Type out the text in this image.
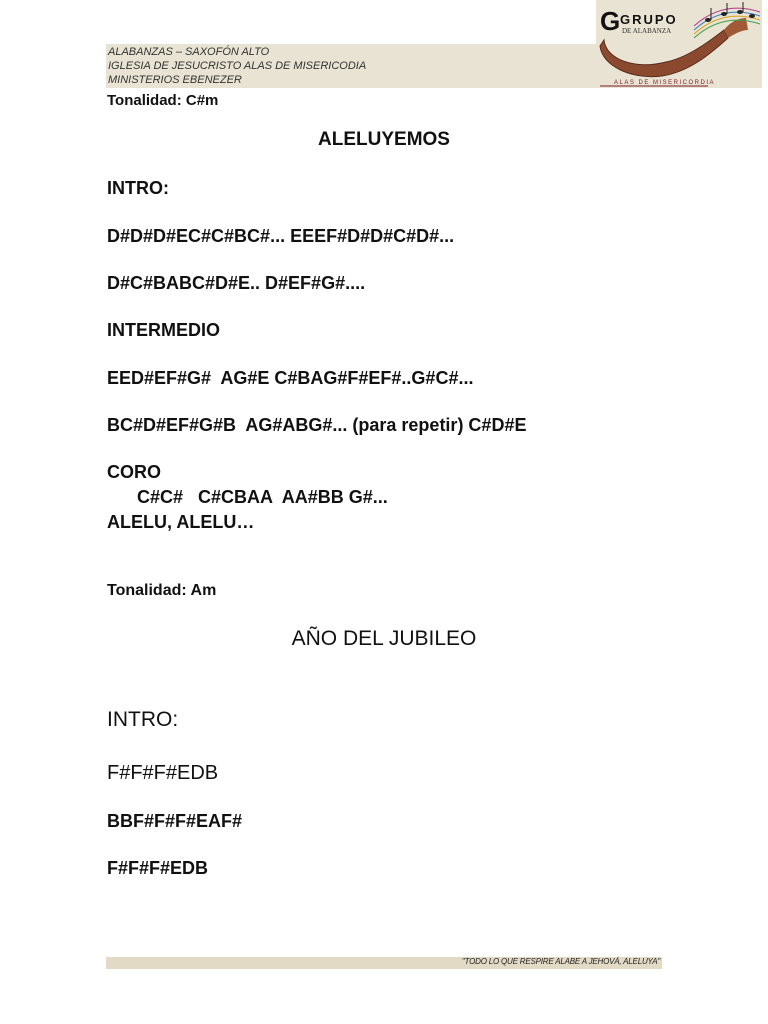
ALABANZAS – SAXOFÓN ALTO
IGLESIA DE JESUCRISTO ALAS DE MISERICODIA
MINISTERIOS EBENEZER
G GRUPO
DE ALABANZA
ALAS DE MISERICORDIA
Tonalidad: C#m
ALELUYEMOS
INTRO:
D#D#D#EC#C#BC#... EEEF#D#D#C#D#...
D#C#BABC#D#E.. D#EF#G#....
INTERMEDIO
EED#EF#G#  AG#E C#BAG#F#EF#..G#C#...
BC#D#EF#G#B  AG#ABG#... (para repetir) C#D#E
CORO
C#C#   C#CBAA  AA#BB G#...
ALELU, ALELU…
Tonalidad: Am
AÑO DEL JUBILEO
INTRO:
F#F#F#EDB
BBF#F#F#EAF#
F#F#F#EDB
"TODO LO QUE RESPIRE ALABE A JEHOVÁ, ALELUYA"
